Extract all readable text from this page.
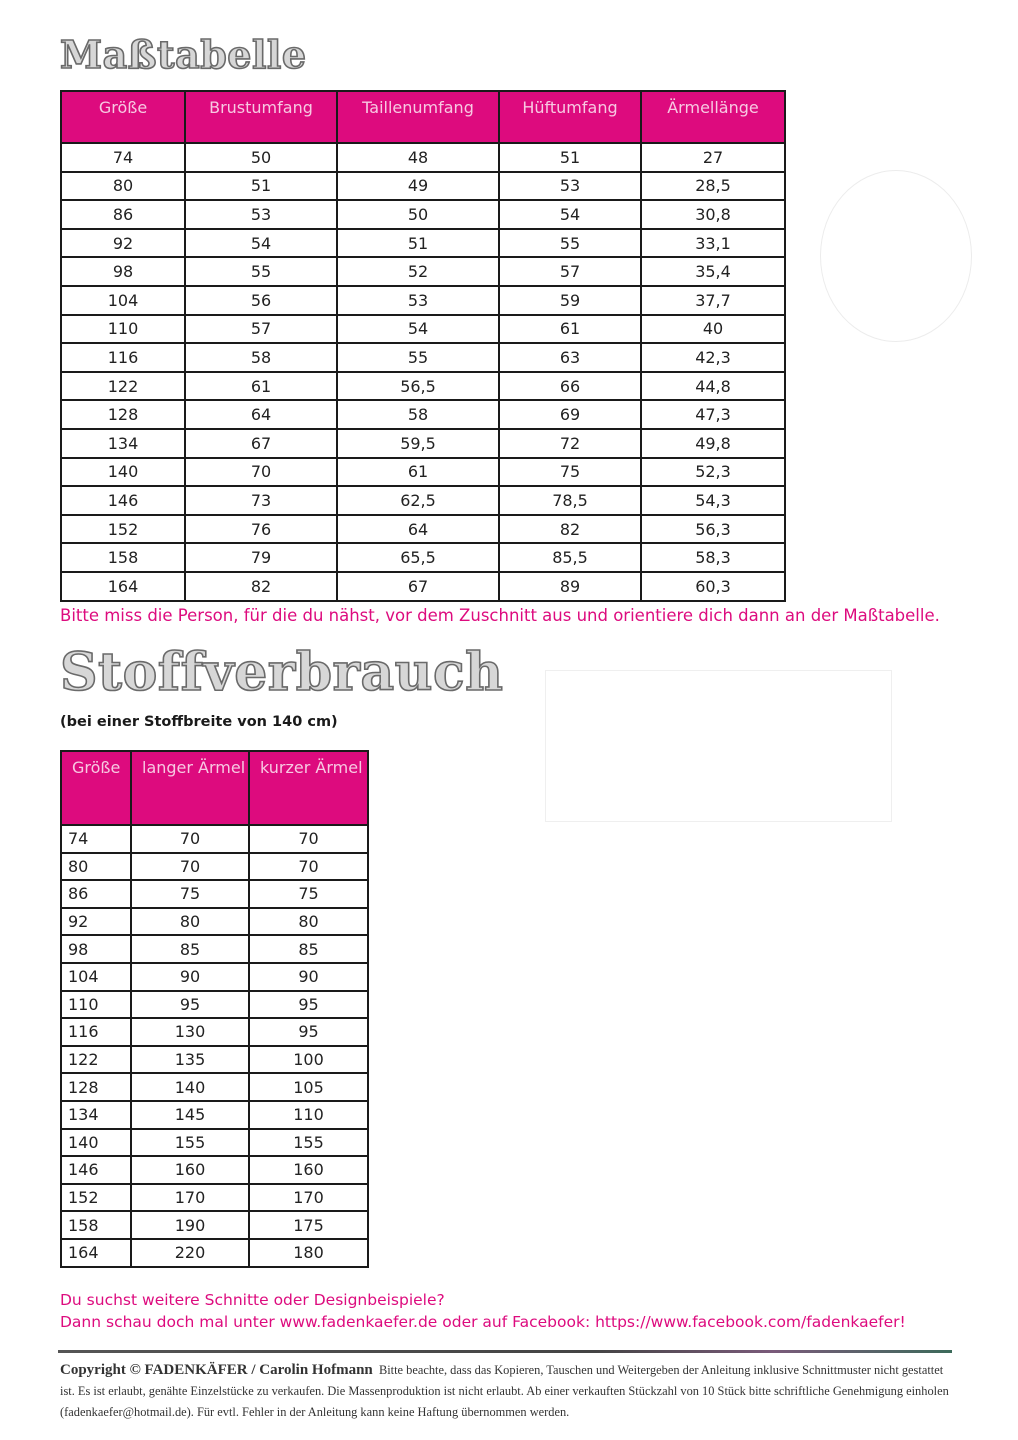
Maßtabelle
Größe	Brustumfang	Taillenumfang	Hüftumfang	Ärmellänge
74	50	48	51	27
80	51	49	53	28,5
86	53	50	54	30,8
92	54	51	55	33,1
98	55	52	57	35,4
104	56	53	59	37,7
110	57	54	61	40
116	58	55	63	42,3
122	61	56,5	66	44,8
128	64	58	69	47,3
134	67	59,5	72	49,8
140	70	61	75	52,3
146	73	62,5	78,5	54,3
152	76	64	82	56,3
158	79	65,5	85,5	58,3
164	82	67	89	60,3
Bitte miss die Person, für die du nähst, vor dem Zuschnitt aus und orientiere dich dann an der Maßtabelle.
Stoffverbrauch
(bei einer Stoffbreite von 140 cm)
Größe	langer Ärmel	kurzer Ärmel
74	70	70
80	70	70
86	75	75
92	80	80
98	85	85
104	90	90
110	95	95
116	130	95
122	135	100
128	140	105
134	145	110
140	155	155
146	160	160
152	170	170
158	190	175
164	220	180
Du suchst weitere Schnitte oder Designbeispiele?
Dann schau doch mal unter www.fadenkaefer.de oder auf Facebook: https://www.facebook.com/fadenkaefer!
Copyright © FADENKÄFER / Carolin Hofmann Bitte beachte, dass das Kopieren, Tauschen und Weitergeben der Anleitung inklusive Schnittmuster nicht gestattet ist. Es ist erlaubt, genähte Einzelstücke zu verkaufen. Die Massenproduktion ist nicht erlaubt. Ab einer verkauften Stückzahl von 10 Stück bitte schriftliche Genehmigung einholen (fadenkaefer@hotmail.de). Für evtl. Fehler in der Anleitung kann keine Haftung übernommen werden.
